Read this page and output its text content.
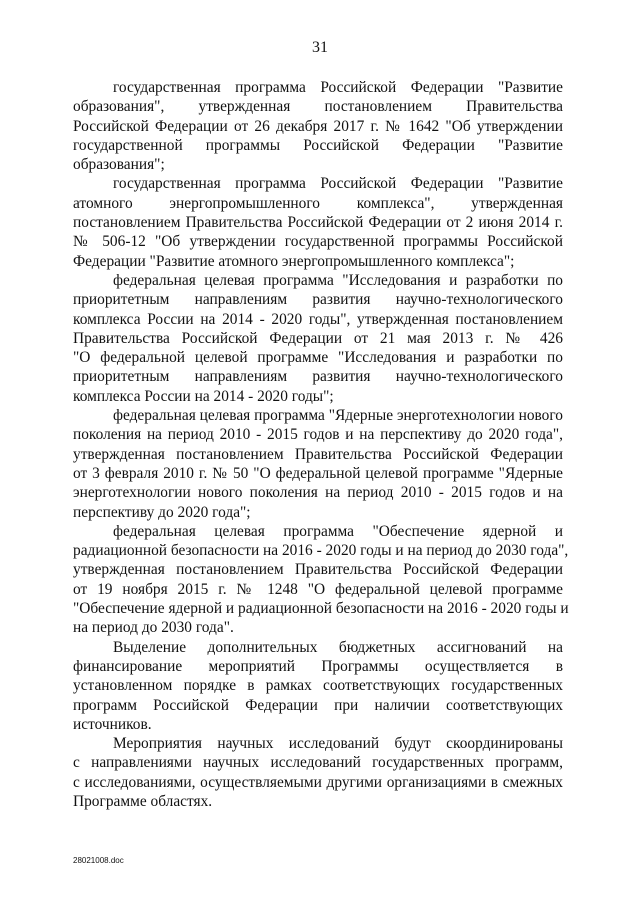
31

государственная программа Российской Федерации "Развитие
образования", утвержденная постановлением Правительства
Российской Федерации от 26 декабря 2017 г. № 1642 "Об утверждении
государственной программы Российской Федерации "Развитие
образования";

государственная программа Российской Федерации "Развитие
атомного энергопромышленного комплекса", утвержденная
постановлением Правительства Российской Федерации от 2 июня 2014 г.
№ 506-12 "Об утверждении государственной программы Российской
Федерации "Развитие атомного энергопромышленного комплекса";

федеральная целевая программа "Исследования и разработки по
приоритетным направлениям развития научно-технологического
комплекса России на 2014 - 2020 годы", утвержденная постановлением
Правительства Российской Федерации от 21 мая 2013 г. № 426
"О федеральной целевой программе "Исследования и разработки по
приоритетным направлениям развития научно-технологического
комплекса России на 2014 - 2020 годы";

федеральная целевая программа "Ядерные энерготехнологии нового
поколения на период 2010 - 2015 годов и на перспективу до 2020 года",
утвержденная постановлением Правительства Российской Федерации
от 3 февраля 2010 г. № 50 "О федеральной целевой программе "Ядерные
энерготехнологии нового поколения на период 2010 - 2015 годов и на
перспективу до 2020 года";

федеральная целевая программа "Обеспечение ядерной и
радиационной безопасности на 2016 - 2020 годы и на период до 2030 года",
утвержденная постановлением Правительства Российской Федерации
от 19 ноября 2015 г. № 1248 "О федеральной целевой программе
"Обеспечение ядерной и радиационной безопасности на 2016 - 2020 годы и
на период до 2030 года".

Выделение дополнительных бюджетных ассигнований на
финансирование мероприятий Программы осуществляется в
установленном порядке в рамках соответствующих государственных
программ Российской Федерации при наличии соответствующих
источников.

Мероприятия научных исследований будут скоординированы
с направлениями научных исследований государственных программ,
с исследованиями, осуществляемыми другими организациями в смежных
Программе областях.

28021008.doc
